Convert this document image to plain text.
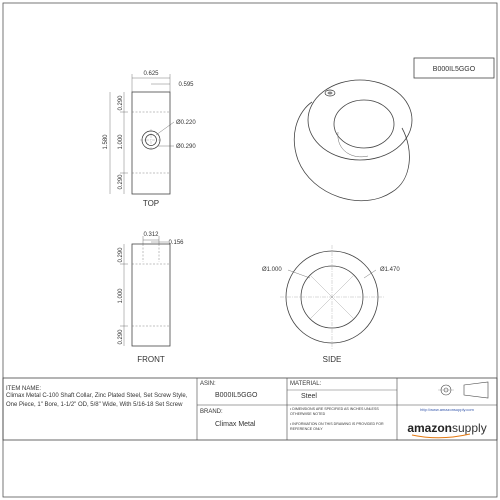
B000IL5GGO
0.625
0.595
0.290
1.000
0.290
1.580
Ø0.220
Ø0.290
TOP
0.312
0.156
0.290
1.000
0.290
FRONT
Ø1.000	Ø1.470
SIDE
ITEM NAME:
Climax Metal C-100 Shaft Collar, Zinc Plated Steel, Set Screw Style, One Piece, 1" Bore, 1-1/2" OD, 5/8" Wide, With 5/16-18 Set Screw
ASIN:
B000IL5GGO
BRAND:
Climax Metal
MATERIAL:
Steel
• DIMENSIONS ARE SPECIFIED AS INCHES UNLESS OTHERWISE NOTED
• INFORMATION ON THIS DRAWING IS PROVIDED FOR REFERENCE ONLY
http://www.amazonsupply.com
amazonsupply
